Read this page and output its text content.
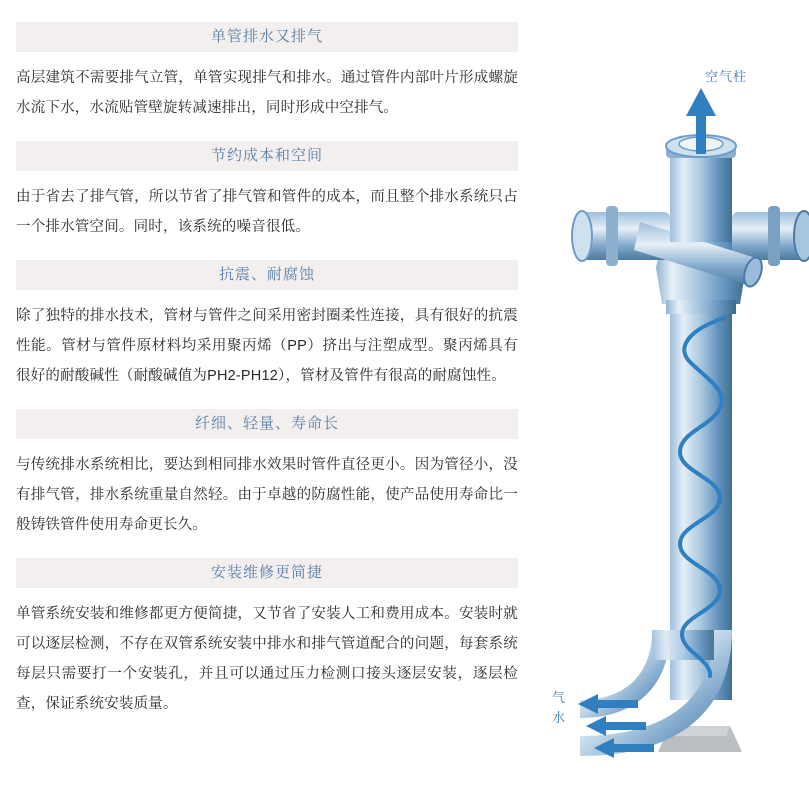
单管排水又排气

高层建筑不需要排气立管，单管实现排气和排水。通过管件内部叶片形成螺旋水流下水，水流贴管壁旋转减速排出，同时形成中空排气。

节约成本和空间

由于省去了排气管，所以节省了排气管和管件的成本，而且整个排水系统只占一个排水管空间。同时，该系统的噪音很低。

抗震、耐腐蚀

除了独特的排水技术，管材与管件之间采用密封圈柔性连接，具有很好的抗震性能。管材与管件原材料均采用聚丙烯（PP）挤出与注塑成型。聚丙烯具有很好的耐酸碱性（耐酸碱值为PH2-PH12），管材及管件有很高的耐腐蚀性。

纤细、轻量、寿命长

与传统排水系统相比，要达到相同排水效果时管件直径更小。因为管径小，没有排气管，排水系统重量自然轻。由于卓越的防腐性能，使产品使用寿命比一般铸铁管件使用寿命更长久。

安装维修更简捷

单管系统安装和维修都更方便简捷，又节省了安装人工和费用成本。安装时就可以逐层检测，不存在双管系统安装中排水和排气管道配合的问题，每套系统每层只需要打一个安装孔，并且可以通过压力检测口接头逐层安装，逐层检查，保证系统安装质量。

空气柱
气
水
